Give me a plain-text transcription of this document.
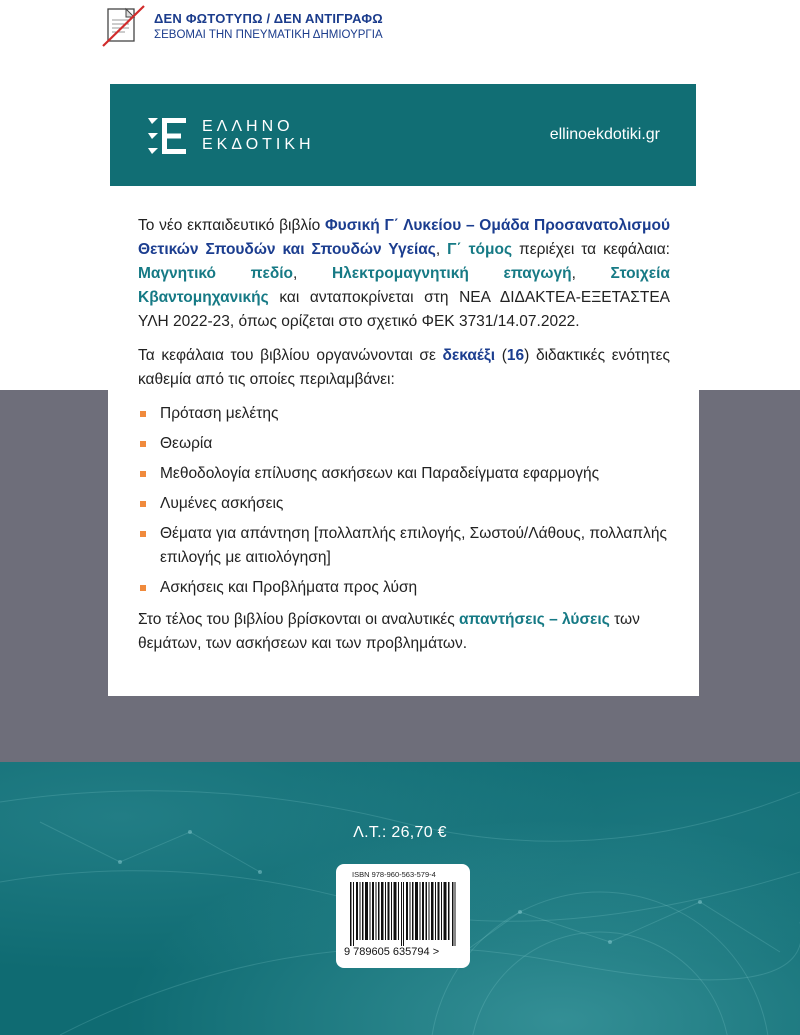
ΔΕΝ ΦΩΤΟΤΥΠΩ / ΔΕΝ ΑΝΤΙΓΡΑΦΩ
ΣΕΒΟΜΑΙ ΤΗΝ ΠΝΕΥΜΑΤΙΚΗ ΔΗΜΙΟΥΡΓΙΑ
ΕΛΛΗΝΟ
ΕΚΔΟΤΙΚΗ
ellinoekdotiki.gr

Το νέο εκπαιδευτικό βιβλίο Φυσική Γ΄ Λυκείου – Ομάδα Προσανατολισμού Θετικών Σπουδών και Σπουδών Υγείας, Γ΄ τόμος περιέχει τα κεφάλαια: Μαγνητικό πεδίο, Ηλεκτρομαγνητική επαγωγή, Στοιχεία Κβαντομηχανικής και ανταποκρίνεται στη ΝΕΑ ΔΙΔΑΚΤΕΑ-ΕΞΕΤΑΣΤΕΑ ΥΛΗ 2022-23, όπως ορίζεται στο σχετικό ΦΕΚ 3731/14.07.2022.

Τα κεφάλαια του βιβλίου οργανώνονται σε δεκαέξι (16) διδακτικές ενότητες καθεμία από τις οποίες περιλαμβάνει:

Πρόταση μελέτης
Θεωρία
Μεθοδολογία επίλυσης ασκήσεων και Παραδείγματα εφαρμογής
Λυμένες ασκήσεις
Θέματα για απάντηση [πολλαπλής επιλογής, Σωστού/Λάθους, πολλαπλής επιλογής με αιτιολόγηση]
Ασκήσεις και Προβλήματα προς λύση

Στο τέλος του βιβλίου βρίσκονται οι αναλυτικές απαντήσεις – λύσεις των θεμάτων, των ασκήσεων και των προβλημάτων.

Λ.Τ.: 26,70 €
ISBN 978-960-563-579-4
9 789605 635794 >
